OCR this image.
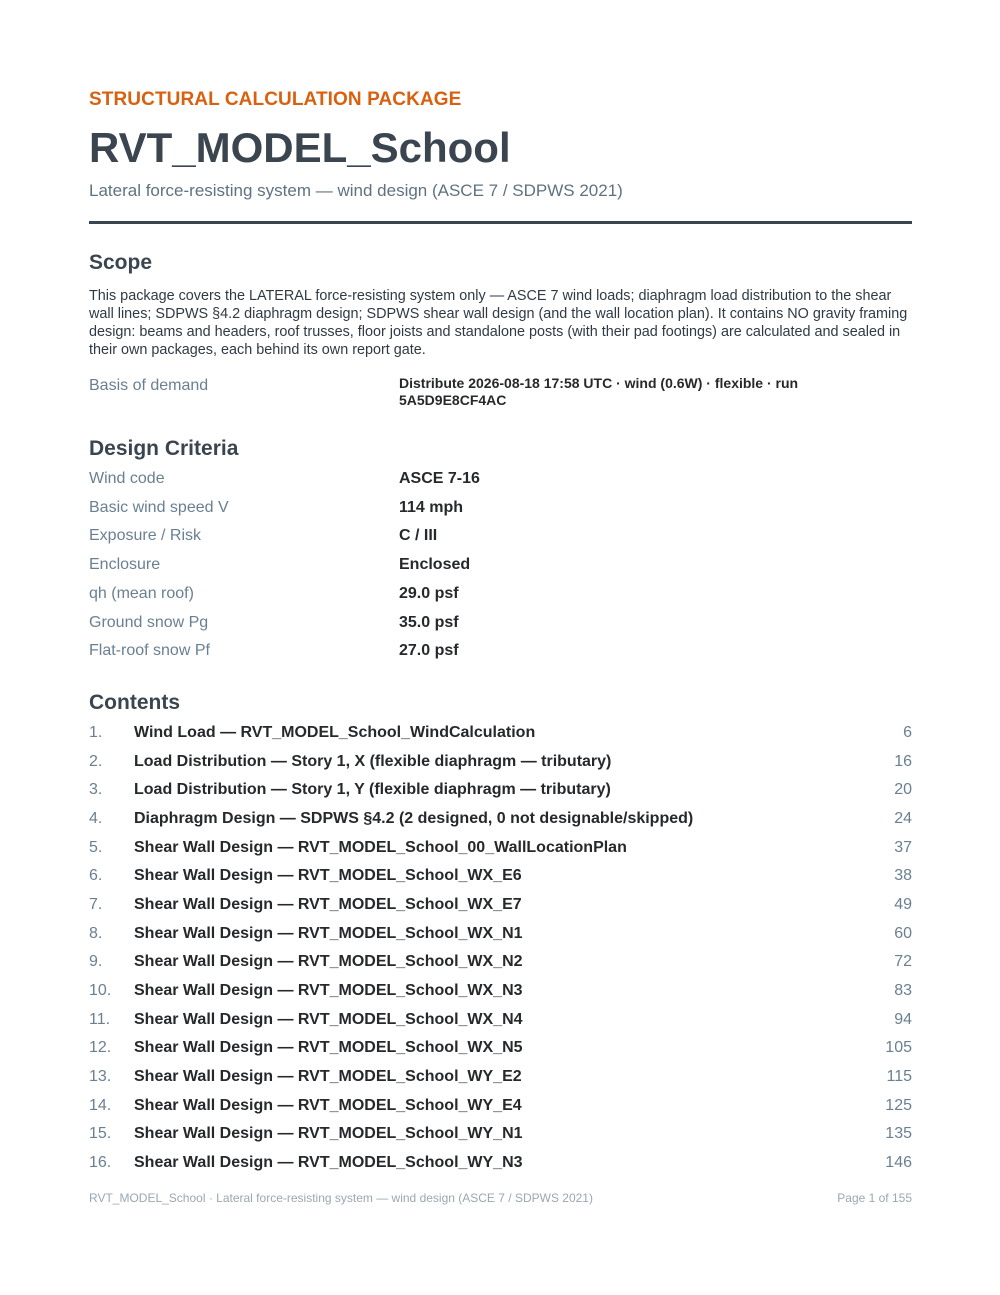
STRUCTURAL CALCULATION PACKAGE
RVT_MODEL_School
Lateral force-resisting system — wind design (ASCE 7 / SDPWS 2021)
Scope
This package covers the LATERAL force-resisting system only — ASCE 7 wind loads; diaphragm load distribution to the shear wall lines; SDPWS §4.2 diaphragm design; SDPWS shear wall design (and the wall location plan). It contains NO gravity framing design: beams and headers, roof trusses, floor joists and standalone posts (with their pad footings) are calculated and sealed in their own packages, each behind its own report gate.
Basis of demand	Distribute 2026-08-18 17:58 UTC · wind (0.6W) · flexible · run 5A5D9E8CF4AC
Design Criteria
Wind code	ASCE 7-16
Basic wind speed V	114 mph
Exposure / Risk	C / III
Enclosure	Enclosed
qh (mean roof)	29.0 psf
Ground snow Pg	35.0 psf
Flat-roof snow Pf	27.0 psf
Contents
1. Wind Load — RVT_MODEL_School_WindCalculation	6
2. Load Distribution — Story 1, X (flexible diaphragm — tributary)	16
3. Load Distribution — Story 1, Y (flexible diaphragm — tributary)	20
4. Diaphragm Design — SDPWS §4.2 (2 designed, 0 not designable/skipped)	24
5. Shear Wall Design — RVT_MODEL_School_00_WallLocationPlan	37
6. Shear Wall Design — RVT_MODEL_School_WX_E6	38
7. Shear Wall Design — RVT_MODEL_School_WX_E7	49
8. Shear Wall Design — RVT_MODEL_School_WX_N1	60
9. Shear Wall Design — RVT_MODEL_School_WX_N2	72
10. Shear Wall Design — RVT_MODEL_School_WX_N3	83
11. Shear Wall Design — RVT_MODEL_School_WX_N4	94
12. Shear Wall Design — RVT_MODEL_School_WX_N5	105
13. Shear Wall Design — RVT_MODEL_School_WY_E2	115
14. Shear Wall Design — RVT_MODEL_School_WY_E4	125
15. Shear Wall Design — RVT_MODEL_School_WY_N1	135
16. Shear Wall Design — RVT_MODEL_School_WY_N3	146
RVT_MODEL_School · Lateral force-resisting system — wind design (ASCE 7 / SDPWS 2021)	Page 1 of 155
